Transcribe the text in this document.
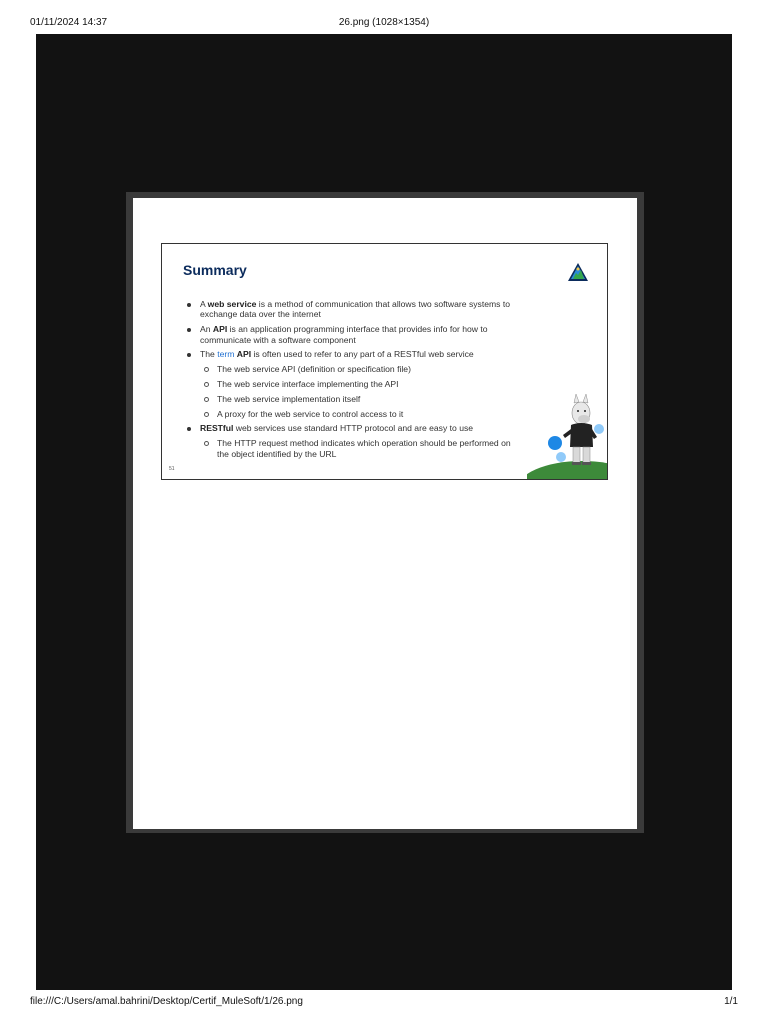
01/11/2024 14:37	26.png (1028×1354)
Summary
A web service is a method of communication that allows two software systems to exchange data over the internet
An API is an application programming interface that provides info for how to communicate with a software component
The term API is often used to refer to any part of a RESTful web service
The web service API (definition or specification file)
The web service interface implementing the API
The web service implementation itself
A proxy for the web service to control access to it
RESTful web services use standard HTTP protocol and are easy to use
The HTTP request method indicates which operation should be performed on the object identified by the URL
51
file:///C:/Users/amal.bahrini/Desktop/Certif_MuleSoft/1/26.png	1/1
